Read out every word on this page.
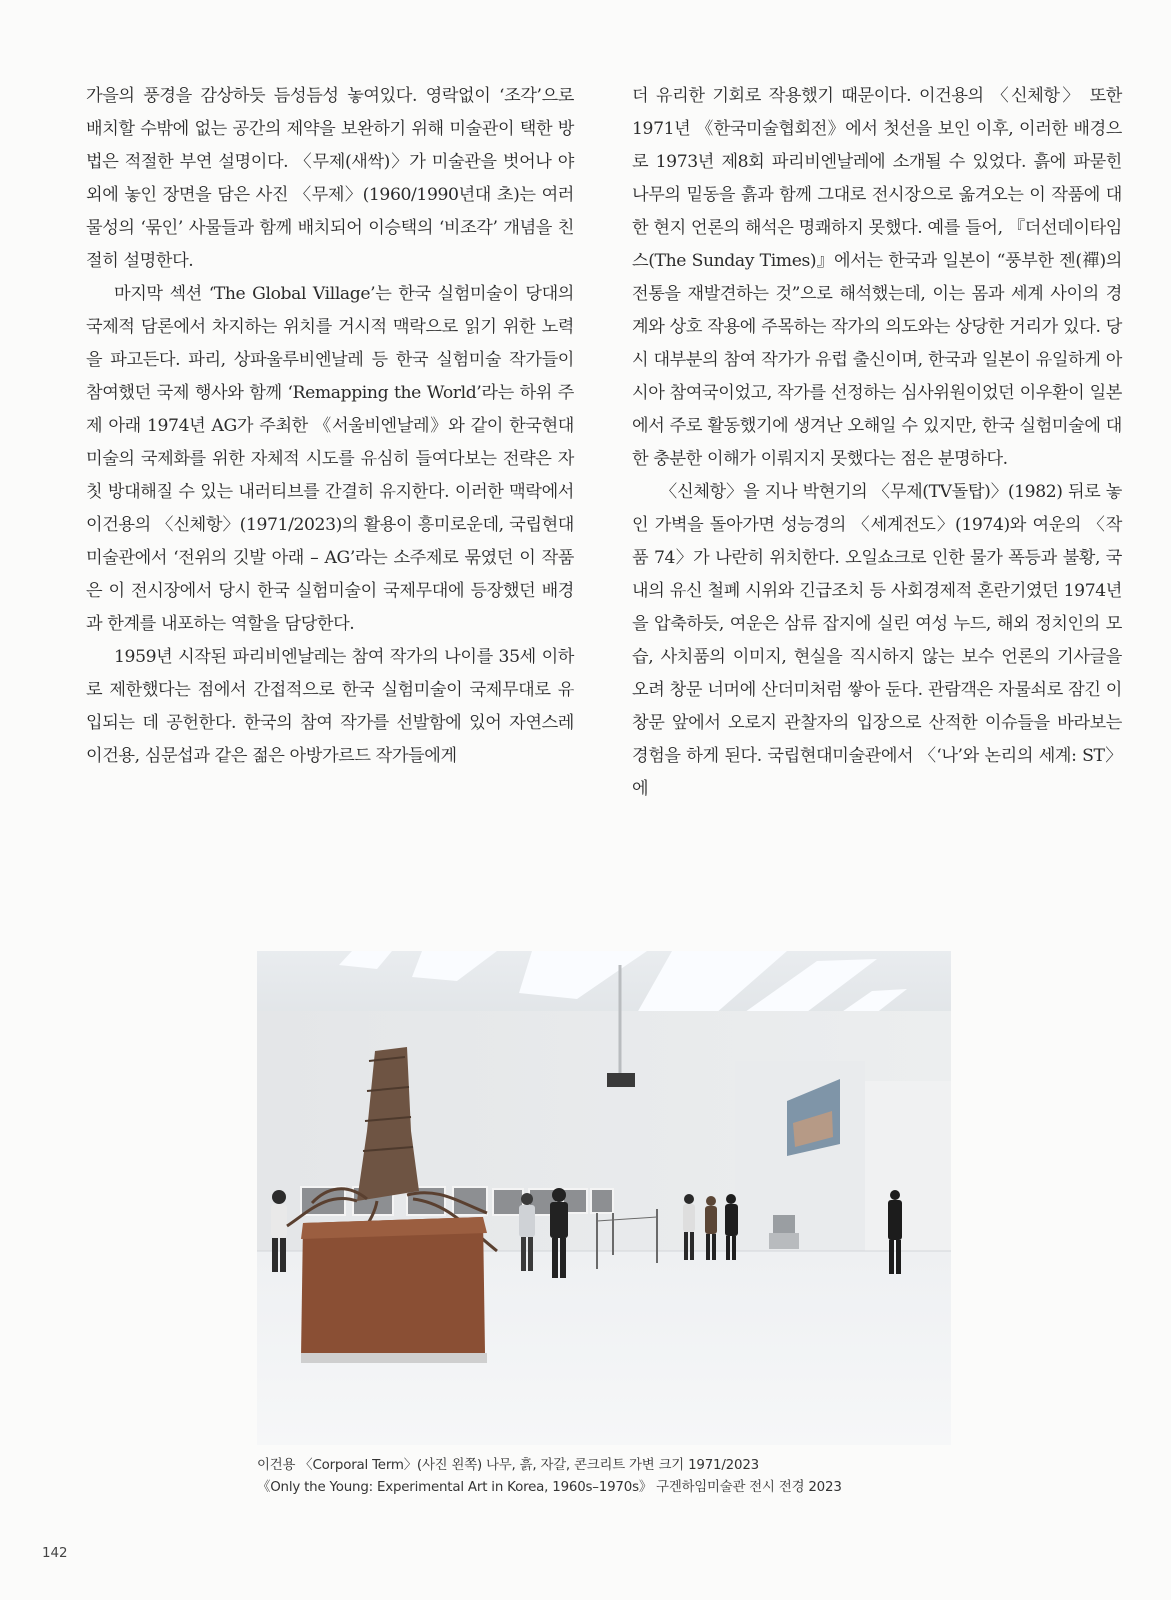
가을의 풍경을 감상하듯 듬성듬성 놓여있다. 영락없이 ‘조각’으로 배치할 수밖에 없는 공간의 제약을 보완하기 위해 미술관이 택한 방법은 적절한 부연 설명이다. 〈무제(새싹)〉가 미술관을 벗어나 야외에 놓인 장면을 담은 사진 〈무제〉(1960/1990년대 초)는 여러 물성의 ‘묶인’ 사물들과 함께 배치되어 이승택의 ‘비조각’ 개념을 친절히 설명한다.

마지막 섹션 ‘The Global Village’는 한국 실험미술이 당대의 국제적 담론에서 차지하는 위치를 거시적 맥락으로 읽기 위한 노력을 파고든다. 파리, 상파울루비엔날레 등 한국 실험미술 작가들이 참여했던 국제 행사와 함께 ‘Remapping the World’라는 하위 주제 아래 1974년 AG가 주최한 《서울비엔날레》와 같이 한국현대미술의 국제화를 위한 자체적 시도를 유심히 들여다보는 전략은 자칫 방대해질 수 있는 내러티브를 간결히 유지한다. 이러한 맥락에서 이건용의 〈신체항〉(1971/2023)의 활용이 흥미로운데, 국립현대미술관에서 ‘전위의 깃발 아래 – AG’라는 소주제로 묶였던 이 작품은 이 전시장에서 당시 한국 실험미술이 국제무대에 등장했던 배경과 한계를 내포하는 역할을 담당한다.

1959년 시작된 파리비엔날레는 참여 작가의 나이를 35세 이하로 제한했다는 점에서 간접적으로 한국 실험미술이 국제무대로 유입되는 데 공헌한다. 한국의 참여 작가를 선발함에 있어 자연스레 이건용, 심문섭과 같은 젊은 아방가르드 작가들에게

더 유리한 기회로 작용했기 때문이다. 이건용의 〈신체항〉 또한 1971년 《한국미술협회전》에서 첫선을 보인 이후, 이러한 배경으로 1973년 제8회 파리비엔날레에 소개될 수 있었다. 흙에 파묻힌 나무의 밑동을 흙과 함께 그대로 전시장으로 옮겨오는 이 작품에 대한 현지 언론의 해석은 명쾌하지 못했다. 예를 들어, 『더선데이타임스(The Sunday Times)』에서는 한국과 일본이 “풍부한 젠(禪)의 전통을 재발견하는 것”으로 해석했는데, 이는 몸과 세계 사이의 경계와 상호 작용에 주목하는 작가의 의도와는 상당한 거리가 있다. 당시 대부분의 참여 작가가 유럽 출신이며, 한국과 일본이 유일하게 아시아 참여국이었고, 작가를 선정하는 심사위원이었던 이우환이 일본에서 주로 활동했기에 생겨난 오해일 수 있지만, 한국 실험미술에 대한 충분한 이해가 이뤄지지 못했다는 점은 분명하다.

〈신체항〉을 지나 박현기의 〈무제(TV돌탑)〉(1982) 뒤로 놓인 가벽을 돌아가면 성능경의 〈세계전도〉(1974)와 여운의 〈작품 74〉가 나란히 위치한다. 오일쇼크로 인한 물가 폭등과 불황, 국내의 유신 철폐 시위와 긴급조치 등 사회경제적 혼란기였던 1974년을 압축하듯, 여운은 삼류 잡지에 실린 여성 누드, 해외 정치인의 모습, 사치품의 이미지, 현실을 직시하지 않는 보수 언론의 기사글을 오려 창문 너머에 산더미처럼 쌓아 둔다. 관람객은 자물쇠로 잠긴 이 창문 앞에서 오로지 관찰자의 입장으로 산적한 이슈들을 바라보는 경험을 하게 된다. 국립현대미술관에서 〈‘나’와 논리의 세계: ST〉에

이건용 〈Corporal Term〉(사진 왼쪽) 나무, 흙, 자갈, 콘크리트 가변 크기 1971/2023
《Only the Young: Experimental Art in Korea, 1960s–1970s》 구겐하임미술관 전시 전경 2023
142
